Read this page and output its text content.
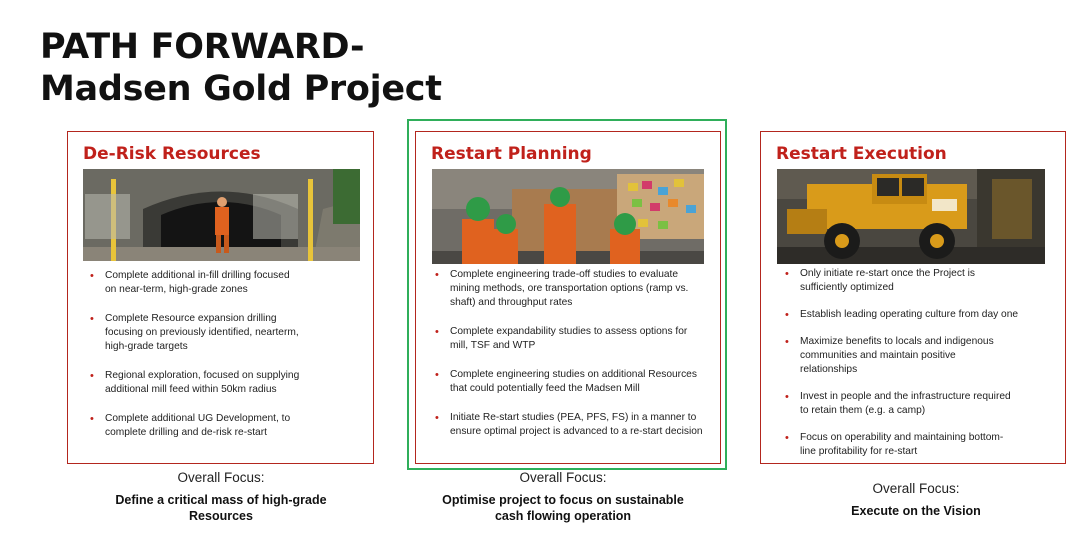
PATH FORWARD-
Madsen Gold Project
De-Risk Resources
• Complete additional in-fill drilling focused on near-term, high-grade zones
• Complete Resource expansion drilling focusing on previously identified, nearterm, high-grade targets
• Regional exploration, focused on supplying additional mill feed within 50km radius
• Complete additional UG Development, to complete drilling and de-risk re-start
Overall Focus:
Define a critical mass of high-grade Resources
Restart Planning
• Complete engineering trade-off studies to evaluate mining methods, ore transportation options (ramp vs. shaft) and throughput rates
• Complete expandability studies to assess options for mill, TSF and WTP
• Complete engineering studies on additional Resources that could potentially feed the Madsen Mill
• Initiate Re-start studies (PEA, PFS, FS) in a manner to ensure optimal project is advanced to a re-start decision
Overall Focus:
Optimise project to focus on sustainable cash flowing operation
Restart Execution
• Only initiate re-start once the Project is sufficiently optimized
• Establish leading operating culture from day one
• Maximize benefits to locals and indigenous communities and maintain positive relationships
• Invest in people and the infrastructure required to retain them (e.g. a camp)
• Focus on operability and maintaining bottom-line profitability for re-start
Overall Focus:
Execute on the Vision
